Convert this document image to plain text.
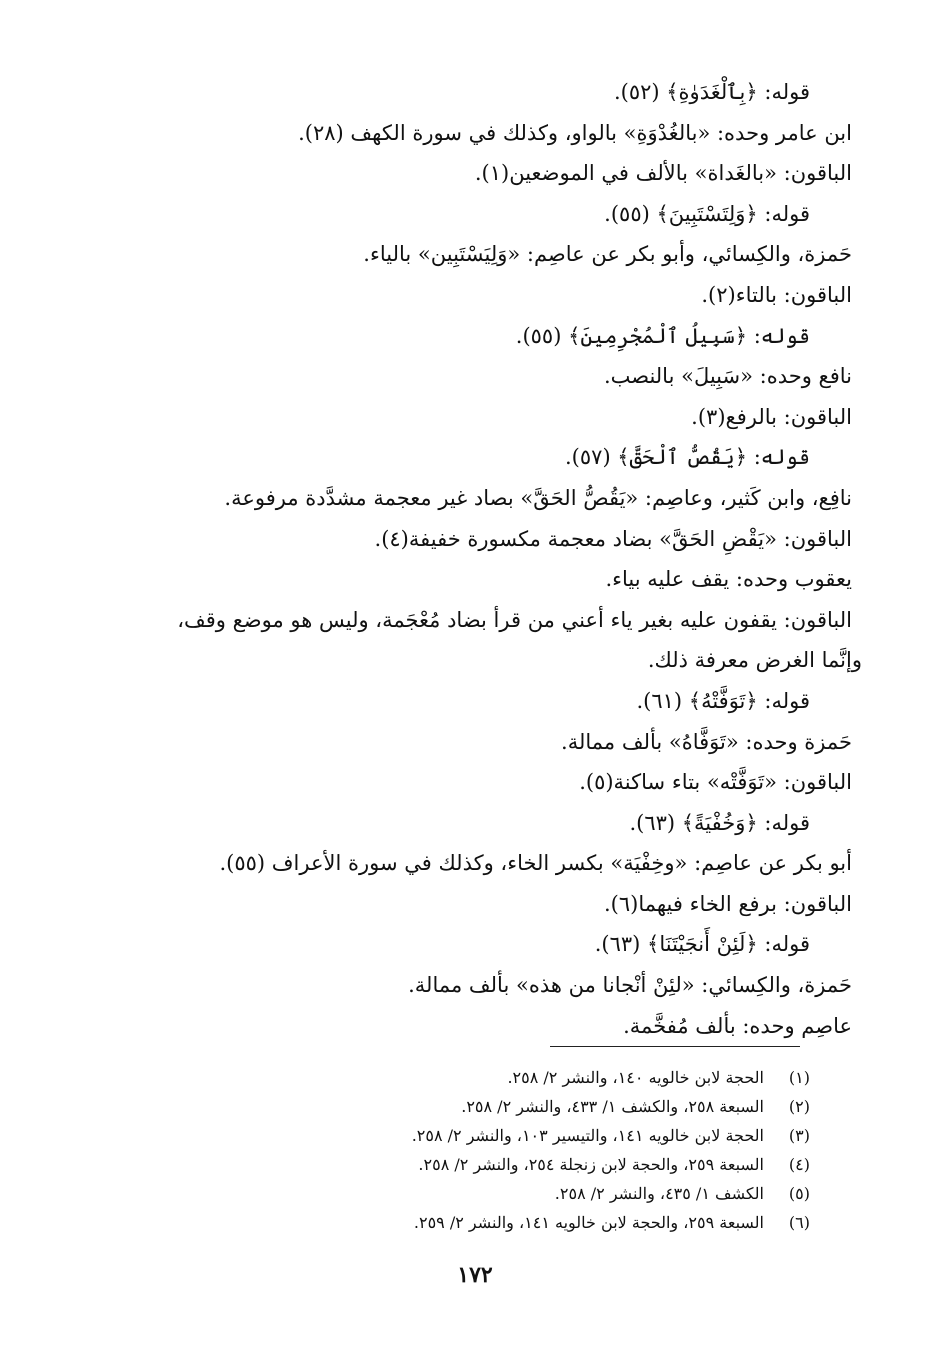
قوله: ﴿بِٱلْغَدَوٰةِ﴾ (٥٢).
ابن عامر وحده: «بالغُدْوَةِ» بالواو، وكذلك في سورة الكهف (٢٨).
الباقون: «بالغَداة» بالألف في الموضعين(١).
قوله: ﴿وَلِتَسْتَبِينَ﴾ (٥٥).
حَمزة، والكِسائي، وأبو بكر عن عاصِم: «وَلِيَسْتَبِين» بالياء.
الباقون: بالتاء(٢).
قوله: ﴿سَبِيلُ ٱلْمُجْرِمِينَ﴾ (٥٥).
نافع وحده: «سَبِيلَ» بالنصب.
الباقون: بالرفع(٣).
قوله: ﴿يَقُصُّ ٱلْحَقَّ﴾ (٥٧).
نافِع، وابن كَثير، وعاصِم: «يَقُصُّ الحَقَّ» بصاد غير معجمة مشدَّدة مرفوعة.
الباقون: «يَقْضِ الحَقَّ» بضاد معجمة مكسورة خفيفة(٤).
يعقوب وحده: يقف عليه بياء.
الباقون: يقفون عليه بغير ياء أعني من قرأ بضاد مُعْجَمة، وليس هو موضع وقف،
وإنَّما الغرض معرفة ذلك.
قوله: ﴿تَوَفَّتْهُ﴾ (٦١).
حَمزة وحده: «تَوَفَّاهُ» بألف ممالة.
الباقون: «تَوَفَّتْه» بتاء ساكنة(٥).
قوله: ﴿وَخُفْيَةً﴾ (٦٣).
أبو بكر عن عاصِم: «وخِفْيَة» بكسر الخاء، وكذلك في سورة الأعراف (٥٥).
الباقون: برفع الخاء فيهما(٦).
قوله: ﴿لَئِنْ أَنجَيْتَنَا﴾ (٦٣).
حَمزة، والكِسائي: «لئِنْ أنْجانا من هذه» بألف ممالة.
عاصِم وحده: بألف مُفخَّمة.
(١)الحجة لابن خالويه ١٤٠، والنشر ٢/ ٢٥٨.
(٢)السبعة ٢٥٨، والكشف ١/ ٤٣٣، والنشر ٢/ ٢٥٨.
(٣)الحجة لابن خالويه ١٤١، والتيسير ١٠٣، والنشر ٢/ ٢٥٨.
(٤)السبعة ٢٥٩، والحجة لابن زنجلة ٢٥٤، والنشر ٢/ ٢٥٨.
(٥)الكشف ١/ ٤٣٥، والنشر ٢/ ٢٥٨.
(٦)السبعة ٢٥٩، والحجة لابن خالويه ١٤١، والنشر ٢/ ٢٥٩.
١٧٢
